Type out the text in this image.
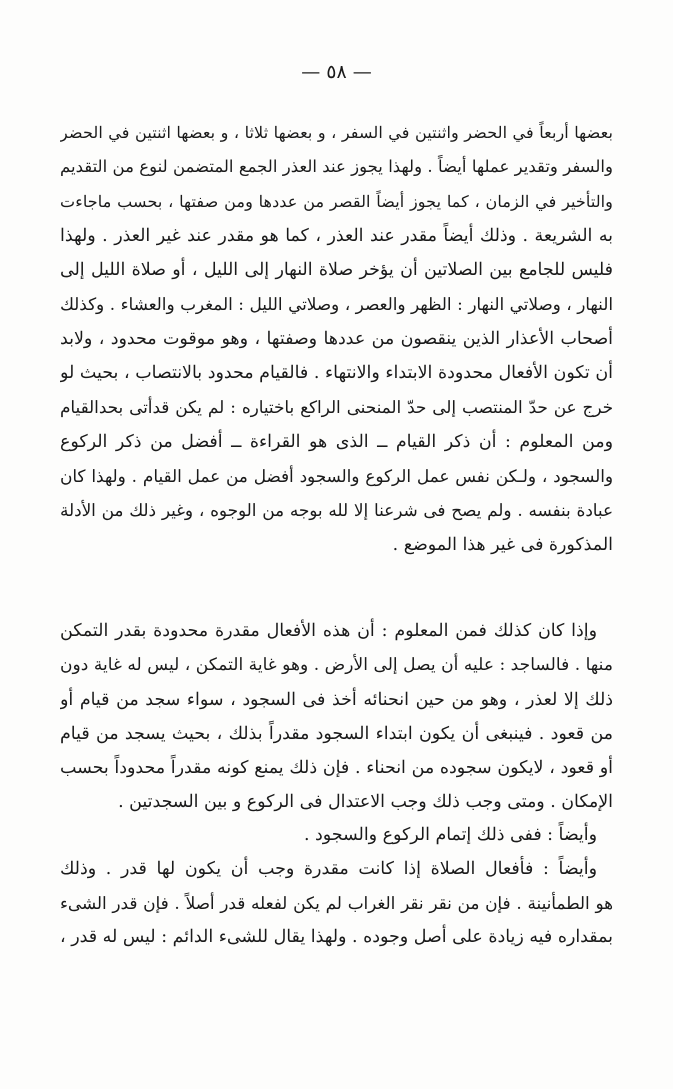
— ٥٨ —
بعضها أربعاً في الحضر واثنتين في السفر ، و بعضها ثلاثا ، و بعضها اثنتين في الحضر
والسفر وتقدير عملها أيضاً . ولهذا يجوز عند العذر الجمع المتضمن لنوع من التقديم
والتأخير في الزمان ، كما يجوز أيضاً القصر من عددها ومن صفتها ، بحسب ماجاءت
به الشريعة . وذلك أيضاً مقدر عند العذر ، كما هو مقدر عند غير العذر . ولهذا
فليس للجامع بين الصلاتين أن يؤخر صلاة النهار إلى الليل ، أو صلاة الليل إلى
النهار ، وصلاتي النهار : الظهر والعصر ، وصلاتي الليل : المغرب والعشاء . وكذلك
أصحاب الأعذار الذين ينقصون من عددها وصفتها ، وهو موقوت محدود ، ولابد
أن تكون الأفعال محدودة الابتداء والانتهاء . فالقيام محدود بالانتصاب ، بحيث لو
خرج عن حدّ المنتصب إلى حدّ المنحنى الراكع باختياره : لم يكن قدأتى بحدالقيام
ومن المعلوم : أن ذكر القيام ــ الذى هو القراءة ــ أفضل من ذكر الركوع
والسجود ، ولـكن نفس عمل الركوع والسجود أفضل من عمل القيام . ولهذا كان
عبادة بنفسه . ولم يصح فى شرعنا إلا لله بوجه من الوجوه ، وغير ذلك من الأدلة
المذكورة فى غير هذا الموضع .
وإذا كان كذلك فمن المعلوم : أن هذه الأفعال مقدرة محدودة بقدر التمكن
منها . فالساجد : عليه أن يصل إلى الأرض . وهو غاية التمكن ، ليس له غاية دون
ذلك إلا لعذر ، وهو من حين انحنائه أخذ فى السجود ، سواء سجد من قيام أو
من قعود . فينبغى أن يكون ابتداء السجود مقدراً بذلك ، بحيث يسجد من قيام
أو قعود ، لايكون سجوده من انحناء . فإن ذلك يمنع كونه مقدراً محدوداً بحسب
الإمكان . ومتى وجب ذلك وجب الاعتدال فى الركوع و بين السجدتين .
وأيضاً : ففى ذلك إتمام الركوع والسجود .
وأيضاً : فأفعال الصلاة إذا كانت مقدرة وجب أن يكون لها قدر . وذلك
هو الطمأنينة . فإن من نقر نقر الغراب لم يكن لفعله قدر أصلاً . فإن قدر الشىء
بمقداره فيه زيادة على أصل وجوده . ولهذا يقال للشىء الدائم : ليس له قدر ،
